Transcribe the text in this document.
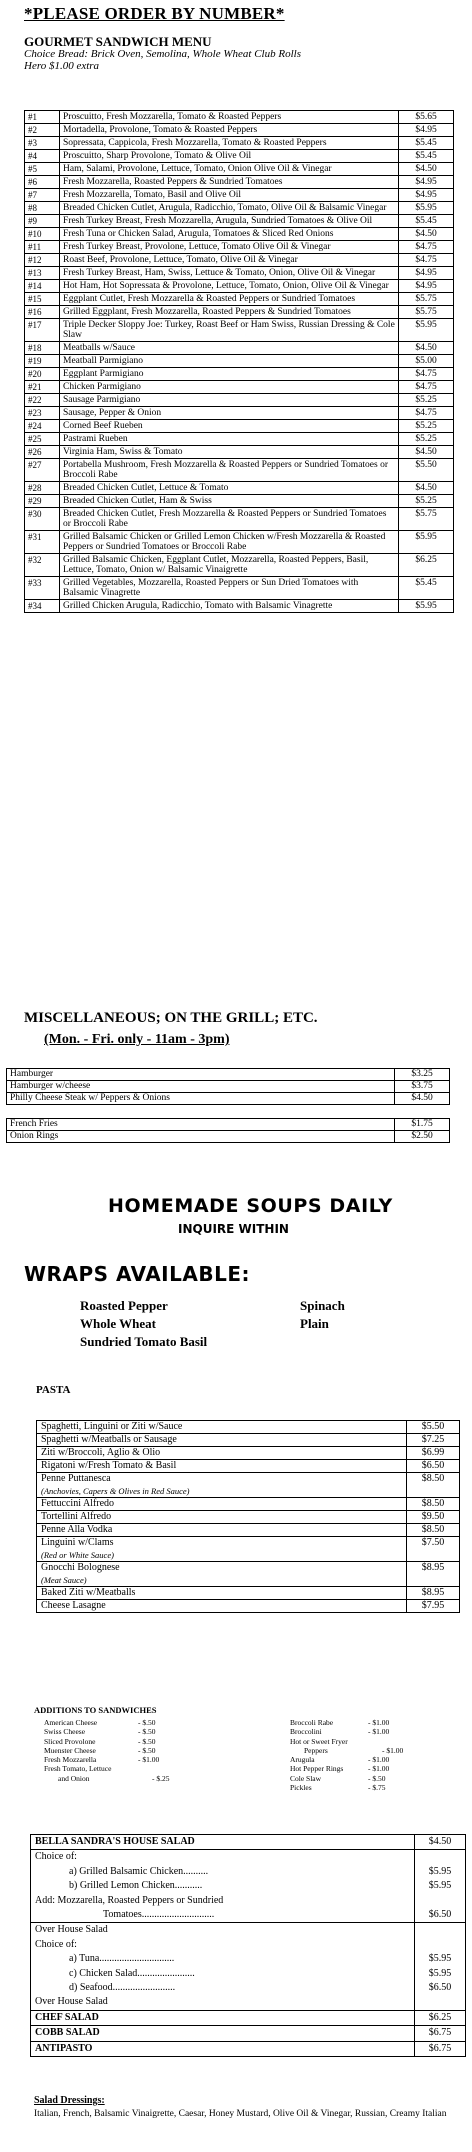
*PLEASE ORDER BY NUMBER*
GOURMET SANDWICH MENU
Choice Bread: Brick Oven, Semolina, Whole Wheat Club Rolls
Hero $1.00 extra
#1	Proscuitto, Fresh Mozzarella, Tomato & Roasted Peppers	$5.65
#2	Mortadella, Provolone, Tomato & Roasted Peppers	$4.95
#3	Sopressata, Cappicola, Fresh Mozzarella, Tomato & Roasted Peppers	$5.45
#4	Proscuitto, Sharp Provolone, Tomato & Olive Oil	$5.45
#5	Ham, Salami, Provolone, Lettuce, Tomato, Onion Olive Oil & Vinegar	$4.50
#6	Fresh Mozzarella, Roasted Peppers & Sundried Tomatoes	$4.95
#7	Fresh Mozzarella, Tomato, Basil and Olive Oil	$4.95
#8	Breaded Chicken Cutlet, Arugula, Radicchio, Tomato, Olive Oil & Balsamic Vinegar	$5.95
#9	Fresh Turkey Breast, Fresh Mozzarella, Arugula, Sundried Tomatoes & Olive Oil	$5.45
#10	Fresh Tuna or Chicken Salad, Arugula, Tomatoes & Sliced Red Onions	$4.50
#11	Fresh Turkey Breast, Provolone, Lettuce, Tomato Olive Oil & Vinegar	$4.75
#12	Roast Beef, Provolone, Lettuce, Tomato, Olive Oil & Vinegar	$4.75
#13	Fresh Turkey Breast, Ham, Swiss, Lettuce & Tomato, Onion, Olive Oil & Vinegar	$4.95
#14	Hot Ham, Hot Sopressata & Provolone, Lettuce, Tomato, Onion, Olive Oil & Vinegar	$4.95
#15	Eggplant Cutlet, Fresh Mozzarella & Roasted Peppers or Sundried Tomatoes	$5.75
#16	Grilled Eggplant, Fresh Mozzarella, Roasted Peppers & Sundried Tomatoes	$5.75
#17	Triple Decker Sloppy Joe: Turkey, Roast Beef or Ham Swiss, Russian Dressing & Cole Slaw	$5.95
#18	Meatballs w/Sauce	$4.50
#19	Meatball Parmigiano	$5.00
#20	Eggplant Parmigiano	$4.75
#21	Chicken Parmigiano	$4.75
#22	Sausage Parmigiano	$5.25
#23	Sausage, Pepper & Onion	$4.75
#24	Corned Beef Rueben	$5.25
#25	Pastrami Rueben	$5.25
#26	Virginia Ham, Swiss & Tomato	$4.50
#27	Portabella Mushroom, Fresh Mozzarella & Roasted Peppers or Sundried Tomatoes or Broccoli Rabe	$5.50
#28	Breaded Chicken Cutlet, Lettuce & Tomato	$4.50
#29	Breaded Chicken Cutlet, Ham & Swiss	$5.25
#30	Breaded Chicken Cutlet, Fresh Mozzarella & Roasted Peppers or Sundried Tomatoes or Broccoli Rabe	$5.75
#31	Grilled Balsamic Chicken or Grilled Lemon Chicken w/Fresh Mozzarella & Roasted Peppers or Sundried Tomatoes or Broccoli Rabe	$5.95
#32	Grilled Balsamic Chicken, Eggplant Cutlet, Mozzarella, Roasted Peppers, Basil, Lettuce, Tomato, Onion w/ Balsamic Vinaigrette	$6.25
#33	Grilled Vegetables, Mozzarella, Roasted Peppers or Sun Dried Tomatoes with Balsamic Vinagrette	$5.45
#34	Grilled Chicken Arugula, Radicchio, Tomato with Balsamic Vinagrette	$5.95
MISCELLANEOUS; ON THE GRILL; ETC.
(Mon. - Fri. only - 11am - 3pm)
Hamburger	$3.25
Hamburger w/cheese	$3.75
Philly Cheese Steak w/ Peppers & Onions	$4.50
French Fries	$1.75
Onion Rings	$2.50
HOMEMADE SOUPS DAILY
INQUIRE WITHIN
WRAPS AVAILABLE:
Roasted Pepper
Whole Wheat
Sundried Tomato Basil
Spinach
Plain
PASTA
Spaghetti, Linguini or Ziti w/Sauce	$5.50
Spaghetti w/Meatballs or Sausage	$7.25
Ziti w/Broccoli, Aglio & Olio	$6.99
Rigatoni w/Fresh Tomato & Basil	$6.50
Penne Puttanesca
(Anchovies, Capers & Olives in Red Sauce)	$8.50
Fettuccini Alfredo	$8.50
Tortellini Alfredo	$9.50
Penne Alla Vodka	$8.50
Linguini w/Clams
(Red or White Sauce)	$7.50
Gnocchi Bolognese
(Meat Sauce)	$8.95
Baked Ziti w/Meatballs	$8.95
Cheese Lasagne	$7.95
ADDITIONS TO SANDWICHES
American Cheese	- $.50
Swiss Cheese	- $.50
Sliced Provolone	- $.50
Muenster Cheese	- $.50
Fresh Mozzarella	- $1.00
Fresh Tomato, Lettuce
and Onion	- $.25
Broccoli Rabe	- $1.00
Broccolini	- $1.00
Hot or Sweet Fryer
Peppers	- $1.00
Arugula	- $1.00
Hot Pepper Rings	- $1.00
Cole Slaw	- $.50
Pickles	- $.75
BELLA SANDRA'S HOUSE SALAD	$4.50
Choice of:
a) Grilled Balsamic Chicken..........	$5.95
b) Grilled Lemon Chicken...........	$5.95
Add: Mozzarella, Roasted Peppers or Sundried
Tomatoes.............................	$6.50
Over House Salad
Choice of:
a) Tuna..............................	$5.95
c) Chicken Salad.......................	$5.95
d) Seafood.........................	$6.50
Over House Salad
CHEF SALAD	$6.25
COBB SALAD	$6.75
ANTIPASTO	$6.75
Salad Dressings:
Italian, French, Balsamic Vinaigrette, Caesar, Honey Mustard, Olive Oil & Vinegar, Russian, Creamy Italian
